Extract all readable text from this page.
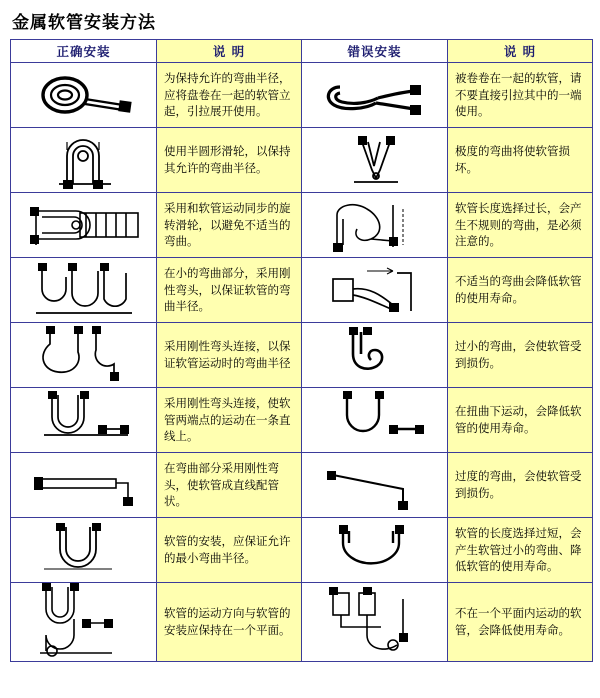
金属软管安装方法
正确安装	说 明	错误安装	说 明

为保持允许的弯曲半径，应将盘卷在一起的软管立起，引拉展开使用。		被卷卷在一起的软管，请不要直接引拉其中的一端使用。

使用半圆形滑轮，以保持其允许的弯曲半径。		极度的弯曲将使软管损坏。

采用和软管运动同步的旋转滑轮，以避免不适当的弯曲。		软管长度选择过长，会产生不规则的弯曲，是必须注意的。

在小的弯曲部分，采用刚性弯头，以保证软管的弯曲半径。		不适当的弯曲会降低软管的使用寿命。

采用刚性弯头连接，以保证软管运动时的弯曲半径		过小的弯曲，会使软管受到损伤。

采用刚性弯头连接，使软管两端点的运动在一条直线上。		在扭曲下运动，会降低软管的使用寿命。

在弯曲部分采用刚性弯头，使软管成直线配管状。		过度的弯曲，会使软管受到损伤。

软管的安装，应保证允许的最小弯曲半径。		软管的长度选择过短，会产生软管过小的弯曲、降低软管的使用寿命。

软管的运动方向与软管的安装应保持在一个平面。		不在一个平面内运动的软管，会降低使用寿命。
